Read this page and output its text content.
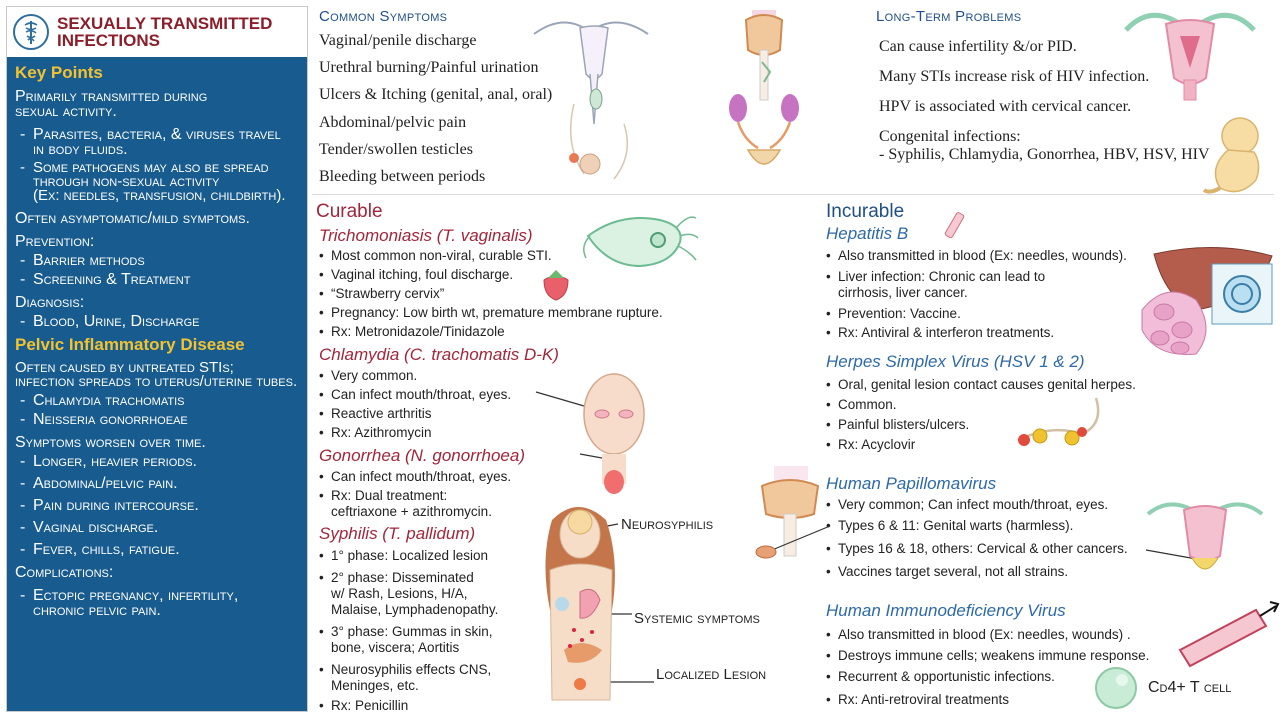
SEXUALLY TRANSMITTED
INFECTIONS
Key Points
Primarily transmitted during
sexual activity.
- Parasites, bacteria, & viruses travel
in body fluids.
- Some pathogens may also be spread
through non-sexual activity
(Ex: needles, transfusion, childbirth).
Often asymptomatic/mild symptoms.
Prevention:
- Barrier methods
- Screening & Treatment
Diagnosis:
- Blood, Urine, Discharge
Pelvic Inflammatory Disease
Often caused by untreated STIs;
infection spreads to uterus/uterine tubes.
- Chlamydia trachomatis
- Neisseria gonorrhoeae
Symptoms worsen over time.
- Longer, heavier periods.
- Abdominal/pelvic pain.
- Pain during intercourse.
- Vaginal discharge.
- Fever, chills, fatigue.
Complications:
- Ectopic pregnancy, infertility,
chronic pelvic pain.
Common Symptoms
Vaginal/penile discharge
Urethral burning/Painful urination
Ulcers & Itching (genital, anal, oral)
Abdominal/pelvic pain
Tender/swollen testicles
Bleeding between periods
Long-Term Problems
Can cause infertility &/or PID.
Many STIs increase risk of HIV infection.
HPV is associated with cervical cancer.
Congenital infections:
- Syphilis, Chlamydia, Gonorrhea, HBV, HSV, HIV
Curable
Trichomoniasis (T. vaginalis)
• Most common non-viral, curable STI.
• Vaginal itching, foul discharge.
• “Strawberry cervix”
• Pregnancy: Low birth wt, premature membrane rupture.
• Rx: Metronidazole/Tinidazole
Chlamydia (C. trachomatis D-K)
• Very common.
• Can infect mouth/throat, eyes.
• Reactive arthritis
• Rx: Azithromycin
Gonorrhea (N. gonorrhoea)
• Can infect mouth/throat, eyes.
• Rx: Dual treatment:
ceftriaxone + azithromycin.
Syphilis (T. pallidum)
• 1° phase: Localized lesion
• 2° phase: Disseminated
w/ Rash, Lesions, H/A,
Malaise, Lymphadenopathy.
• 3° phase: Gummas in skin,
bone, viscera; Aortitis
• Neurosyphilis effects CNS,
Meninges, etc.
• Rx: Penicillin
Neurosyphilis
Systemic symptoms
Localized Lesion
Incurable
Hepatitis B
• Also transmitted in blood (Ex: needles, wounds).
• Liver infection: Chronic can lead to
cirrhosis, liver cancer.
• Prevention: Vaccine.
• Rx: Antiviral & interferon treatments.
Herpes Simplex Virus (HSV 1 & 2)
• Oral, genital lesion contact causes genital herpes.
• Common.
• Painful blisters/ulcers.
• Rx: Acyclovir
Human Papillomavirus
• Very common; Can infect mouth/throat, eyes.
• Types 6 & 11: Genital warts (harmless).
• Types 16 & 18, others: Cervical & other cancers.
• Vaccines target several, not all strains.
Human Immunodeficiency Virus
• Also transmitted in blood (Ex: needles, wounds) .
• Destroys immune cells; weakens immune response.
• Recurrent & opportunistic infections.
• Rx: Anti-retroviral treatments
Cd4+ T cell
